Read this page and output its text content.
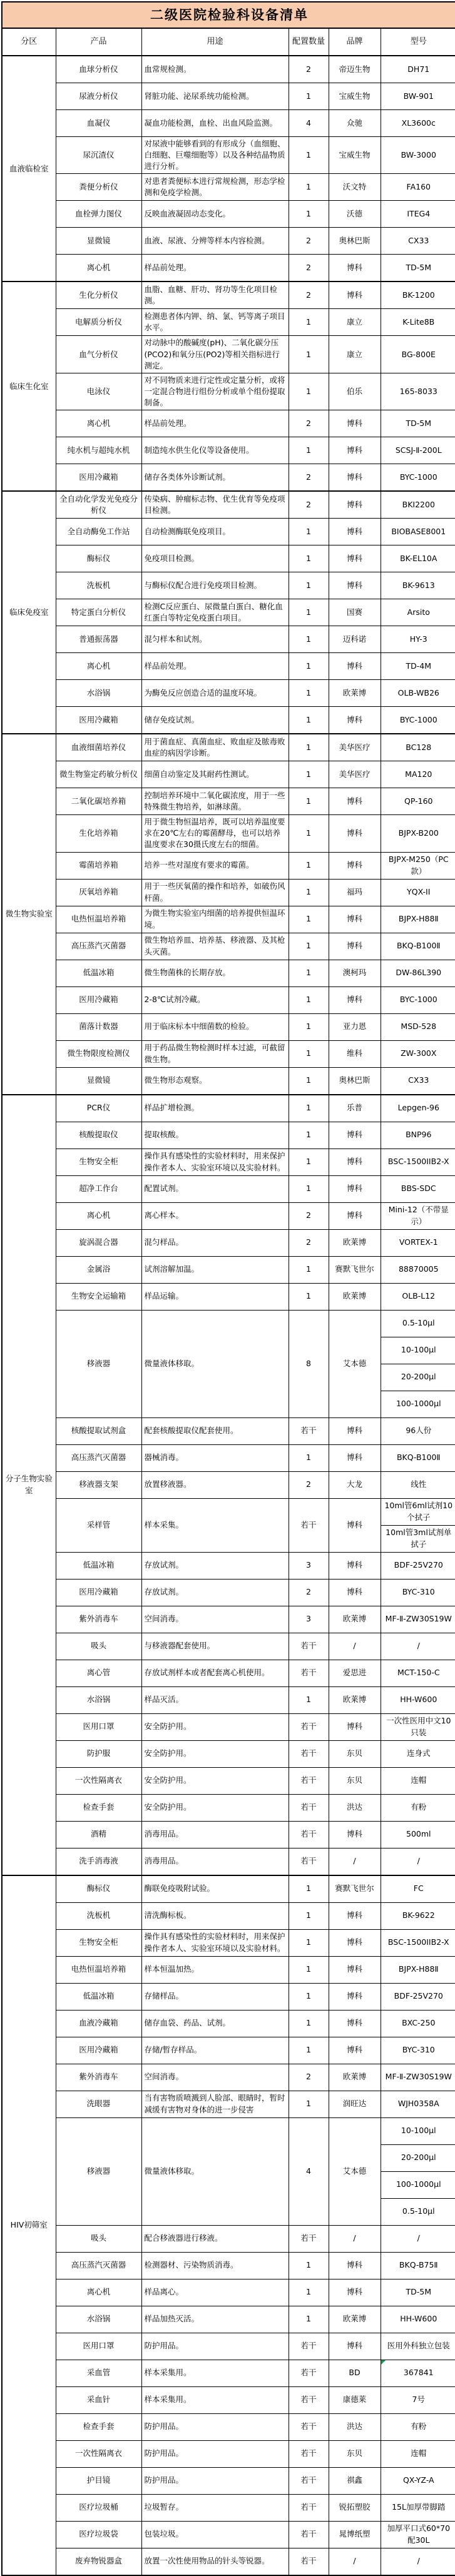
二级医院检验科设备清单					
分区	产品	用途	配置数量	品牌	型号
血液临检室	血球分析仪	血常规检测。	2	帝迈生物	DH71
	尿液分析仪	肾脏功能、泌尿系统功能检测。	1	宝威生物	BW-901
	血凝仪	凝血功能检测，血栓、出血风险监测。	4	众驰	XL3600c
	尿沉渣仪	对尿液中能够看到的有形成分（血细胞、白细胞、巨噬细胞等）以及各种结晶物质进行分析。	1	宝威生物	BW-3000
	粪便分析仪	对患者粪便标本进行常规检测，形态学检测和免疫学检测。	1	沃文特	FA160
	血栓弹力图仪	反映血液凝固动态变化。	1	沃德	ITEG4
	显微镜	血液、尿液、分辨等样本内容检测。	2	奥林巴斯	CX33
	离心机	样品前处理。	2	博科	TD-5M
临床生化室	生化分析仪	血脂、血糖、肝功、肾功等生化项目检测。	2	博科	BK-1200
	电解质分析仪	检测患者体内钾、纳、氯、钙等离子项目水平。	1	康立	K-Lite8B
	血气分析仪	对动脉中的酸碱度(pH)、二氧化碳分压(PCO2)和氧分压(PO2)等相关指标进行测定。	1	康立	BG-800E
	电泳仪	对不同物质来进行定性或定量分析，或将一定混合物进行组份分析或单个组份提取制备。	1	伯乐	165-8033
	离心机	样品前处理。	2	博科	TD-5M
	纯水机与超纯水机	制造纯水供生化仪等设备使用。	1	博科	SCSJ-Ⅱ-200L
	医用冷藏箱	储存各类体外诊断试剂。	2	博科	BYC-1000
临床免疫室	全自动化学发光免疫分析仪	传染病、肿瘤标志物、优生优育等免疫项目检测。	2	博科	BKI2200
	全自动酶免工作站	自动检测酶联免疫项目。	1	博科	BIOBASE8001
	酶标仪	免疫项目检测。	1	博科	BK-EL10A
	洗板机	与酶标仪配合进行免疫项目检测。	1	博科	BK-9613
	特定蛋白分析仪	检测C反应蛋白、尿微量白蛋白、糖化血红蛋白等特定免疫蛋白项目。	1	国赛	Arsito
	普通振荡器	混匀样本和试剂。	1	迈科诺	HY-3
	离心机	样品前处理。	1	博科	TD-4M
	水浴锅	为酶免反应创造合适的温度环境。	1	欧莱博	OLB-WB26
	医用冷藏箱	储存免疫试剂。	1	博科	BYC-1000
微生物实验室	血液细菌培养仪	用于菌血症、真菌血症、败血症及脓毒败血症的病因学诊断。	1	美华医疗	BC128
	微生物鉴定药敏分析仪	细菌自动鉴定及其耐药性测试。	1	美华医疗	MA120
	二氧化碳培养箱	控制培养环境中二氧化碳浓度，用于一些特殊微生物培养，如淋球菌。	1	博科	QP-160
	生化培养箱	用于微生物恒温培养，既可以培养温度要求在20℃左右的霉菌酵母，也可以培养温度要求在30摄氏度左右的细菌。	1	博科	BJPX-B200
	霉菌培养箱	培养一些对湿度有要求的霉菌。	1	博科	BJPX-M250（PC款）
	厌氧培养箱	用于一些厌氧菌的操作和培养，如破伤风杆菌。	1	福玛	YQX-II
	电热恒温培养箱	为微生物实验室内细菌的培养提供恒温环境。	1	博科	BJPX-H88Ⅱ
	高压蒸汽灭菌器	微生物培养皿、培养基、移液器、及其枪头灭菌。	1	博科	BKQ-B100Ⅱ
	低温冰箱	微生物菌株的长期存放。	1	澳柯玛	DW-86L390
	医用冷藏箱	2-8℃试剂冷藏。	1	博科	BYC-1000
	菌落计数器	用于临床标本中细菌数的检验。	1	亚力恩	MSD-528
	微生物限度检测仪	用于药品微生物检测时样本过滤，可截留微生物。	1	维科	ZW-300X
	显微镜	微生物形态观察。	1	奥林巴斯	CX33
分子生物实验室	PCR仪	样品扩增检测。	1	乐普	Lepgen-96
	核酸提取仪	提取核酸。	1	博科	BNP96
	生物安全柜	操作具有感染性的实验材料时，用来保护操作者本人、实验室环境以及实验材料。	1	博科	BSC-1500IIB2-X
	超净工作台	配置试剂。	1	博科	BBS-SDC
	离心机	离心样本。	2	博科	Mini-12（不带显示）
	旋涡混合器	混匀样品。	2	欧莱博	VORTEX-1
	金属浴	试剂溶解加温。	1	赛默飞世尔	88870005
	生物安全运输箱	样品运输。	1	欧莱博	OLB-L12
	移液器	微量液体移取。	8	艾本德	0.5-10μl
					10-100μl
					20-200μl
					100-1000μl
	核酸提取试剂盒	配套核酸提取仪配套使用。	若干	博科	96人份
	高压蒸汽灭菌器	器械消毒。	1	博科	BKQ-B100Ⅱ
	移液器支架	放置移液器。	2	大龙	线性
	采样管	样本采集。	若干	博科	10ml管6ml试剂10个拭子
					10ml管3ml试剂单拭子
	低温冰箱	存放试剂。	3	博科	BDF-25V270
	医用冷藏箱	存放试剂。	2	博科	BYC-310
	紫外消毒车	空间消毒。	3	欧莱博	MF-Ⅱ-ZW30S19W
	吸头	与移液器配套使用。	若干	/	/
	离心管	存放试剂样本或者配套离心机使用。	若干	爱思进	MCT-150-C
	水浴锅	样品灭活。	1	欧莱博	HH-W600
	医用口罩	安全防护用。	若干	博科	一次性医用中文10只装
	防护服	安全防护用。	若干	东贝	连身式
	一次性隔离衣	安全防护用。	若干	东贝	连帽
	检查手套	安全防护用。	若干	洪达	有粉
	酒精	消毒用品。	若干	博科	500ml
	洗手消毒液	消毒用品。	若干	/	/
HIV初筛室	酶标仪	酶联免疫吸附试验。	1	赛默飞世尔	FC
	洗板机	清洗酶标板。	1	博科	BK-9622
	生物安全柜	操作具有感染性的实验材料时，用来保护操作者本人、实验室环境以及实验材料。	1	博科	BSC-1500IIB2-X
	电热恒温培养箱	样本恒温加热。	1	博科	BJPX-H88Ⅱ
	低温冰箱	存储样品。	1	博科	BDF-25V270
	血液冷藏箱	储存血袋、药品、试剂。	1	博科	BXC-250
	医用冷藏箱	存储/暂存样品。	1	博科	BYC-310
	紫外消毒车	空间消毒。	2	欧莱博	MF-Ⅱ-ZW30S19W
	洗眼器	当有害物质喷溅到人脸部、眼睛时，暂时减缓有害物对身体的进一步侵害	1	润旺达	WJH0358A
	移液器	微量液体移取。	4	艾本德	10-100μl
					20-200μl
					100-1000μl
					0.5-10μl
	吸头	配合移液器进行移液。	若干	/	/
	高压蒸汽灭菌器	检测器材、污染物质消毒。	1	博科	BKQ-B75Ⅱ
	离心机	样品离心。	1	博科	TD-5M
	水浴锅	样品加热灭活。	1	欧莱博	HH-W600
	医用口罩	防护用品。	若干	博科	医用外科独立包装
	采血管	样本采集用。	若干	BD	367841
	采血针	样本采集用。	若干	康德莱	7号
	检查手套	防护用品。	若干	洪达	有粉
	一次性隔离衣	防护用品。	若干	东贝	连帽
	护目镜	防护用品。	若干	祺鑫	QX-YZ-A
	医疗垃圾桶	垃圾暂存。	若干	锐拓塑胶	15L加厚带脚踏
	医疗垃圾袋	包装垃圾。	若干	晁博纸塑	加厚平口式60*70配30L
	废弃物锐器盒	放置一次性使用物品的针头等锐器。	若干	/	/
